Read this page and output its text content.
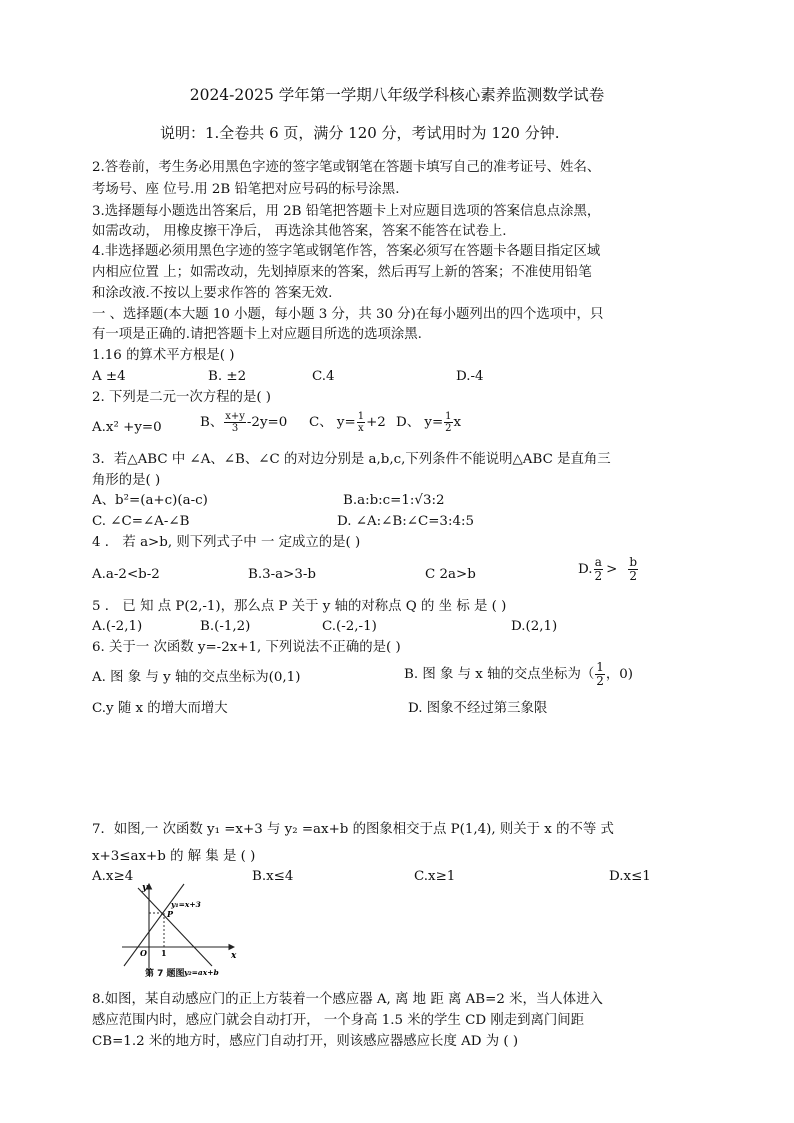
2024-2025 学年第一学期八年级学科核心素养监测数学试卷
说明：1.全卷共 6 页，满分 120 分，考试用时为 120 分钟.
2.答卷前，考生务必用黑色字迹的签字笔或钢笔在答题卡填写自己的准考证号、姓名、
考场号、座 位号.用 2B 铅笔把对应号码的标号涂黑.
3.选择题每小题选出答案后，用 2B 铅笔把答题卡上对应题目选项的答案信息点涂黑，
如需改动， 用橡皮擦干净后， 再选涂其他答案，答案不能答在试卷上.
4.非选择题必须用黑色字迹的签字笔或钢笔作答，答案必须写在答题卡各题目指定区域
内相应位置 上；如需改动，先划掉原来的答案，然后再写上新的答案；不准使用铅笔
和涂改液.不按以上要求作答的 答案无效.
一 、选择题(本大题 10 小题，每小题 3 分，共 30 分)在每小题列出的四个选项中，只
有一项是正确的.请把答题卡上对应题目所选的选项涂黑.
1.16 的算术平方根是( )
A ±4	B. ±2	C.4	D.-4
2. 下列是二元一次方程的是( )
A.x² +y=0	B、 $\frac{x+y}{3} -2y=0$ C、 $y= \frac{1}{x} +2$ D、 $y= \frac{1}{2}$ x
3．若△ABC 中 ∠A、∠B、∠C 的对边分别是 a,b,c,下列条件不能说明△ABC 是直角三
角形的是( )
A、b²=(a+c)(a-c)	B.a:b:c=1:√3:2
C. ∠C=∠A-∠B	D. ∠A:∠B:∠C=3:4:5
4 ． 若 a>b, 则下列式子中 一 定成立的是( )
A.a-2<b-2	B.3-a>3-b	C 2a>b	D. $\frac{a}{2} > \frac{b}{2}$
5 ． 已 知 点 P(2,-1)，那么点 P 关于 y 轴的对称点 Q 的 坐 标 是 ( )
A.(-2,1)	B.(-1,2)	C.(-2,-1)	D.(2,1)
6. 关于一 次函数 y=-2x+1, 下列说法不正确的是( )
A. 图 象 与 y 轴的交点坐标为(0,1)	B. 图 象 与 x 轴的交点坐标为（ $\frac{1}{2}$ ，0)
C.y 随 x 的增大而增大	D. 图象不经过第三象限
7．如图,一 次函数 y₁ =x+3 与 y₂ =ax+b 的图象相交于点 P(1,4), 则关于 x 的不等 式
x+3≤ax+b 的 解 集 是 ( )
A.x≥4	B.x≤4	C.x≥1	D.x≤1
y
x
O 1
P
y₁=x+3
y₂=ax+b
第 7 题图
8.如图，某自动感应门的正上方装着一个感应器 A, 离 地 距 离 AB=2 米，当人体进入
感应范围内时，感应门就会自动打开， 一个身高 1.5 米的学生 CD 刚走到离门间距
CB=1.2 米的地方时，感应门自动打开，则该感应器感应长度 AD 为 ( )
